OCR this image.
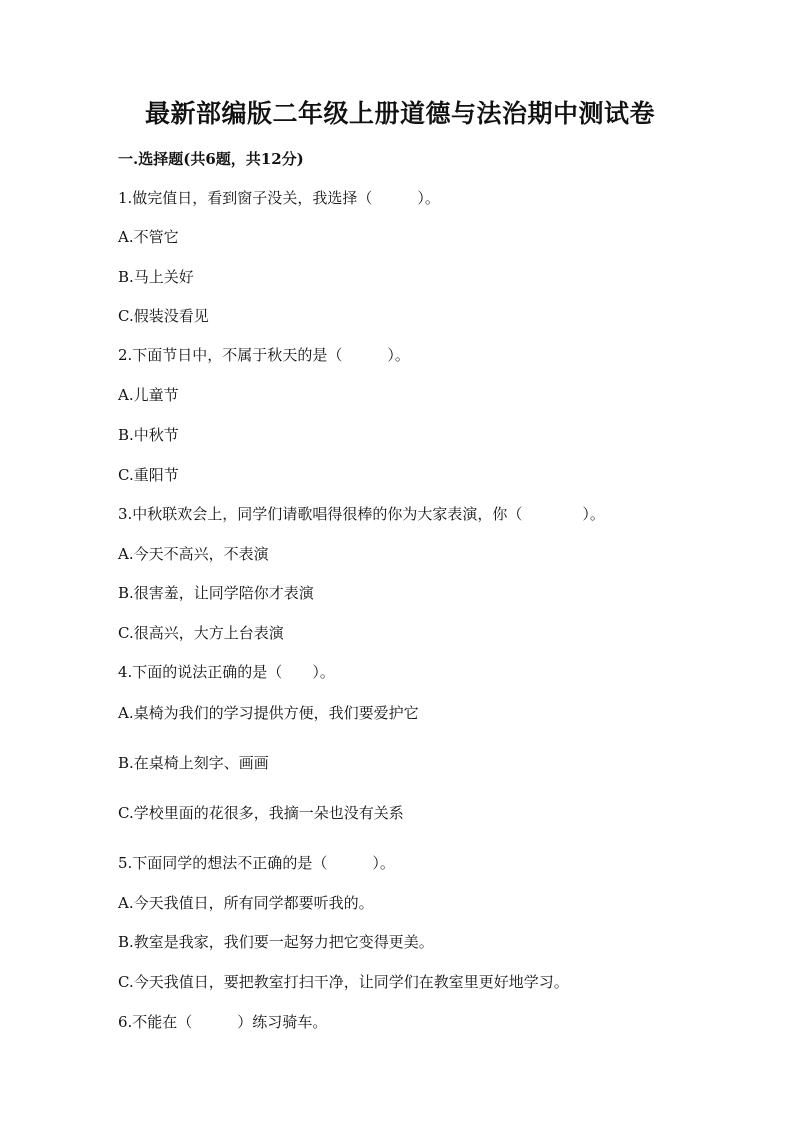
最新部编版二年级上册道德与法治期中测试卷
一.选择题(共6题，共12分)
1.做完值日，看到窗子没关，我选择（　　　）。
A.不管它
B.马上关好
C.假装没看见
2.下面节日中，不属于秋天的是（　　　）。
A.儿童节
B.中秋节
C.重阳节
3.中秋联欢会上，同学们请歌唱得很棒的你为大家表演，你（　　　　）。
A.今天不高兴，不表演
B.很害羞，让同学陪你才表演
C.很高兴，大方上台表演
4.下面的说法正确的是（　　）。
A.桌椅为我们的学习提供方便，我们要爱护它
B.在桌椅上刻字、画画
C.学校里面的花很多，我摘一朵也没有关系
5.下面同学的想法不正确的是（　　　）。
A.今天我值日，所有同学都要听我的。
B.教室是我家，我们要一起努力把它变得更美。
C.今天我值日，要把教室打扫干净，让同学们在教室里更好地学习。
6.不能在（　　　）练习骑车。
